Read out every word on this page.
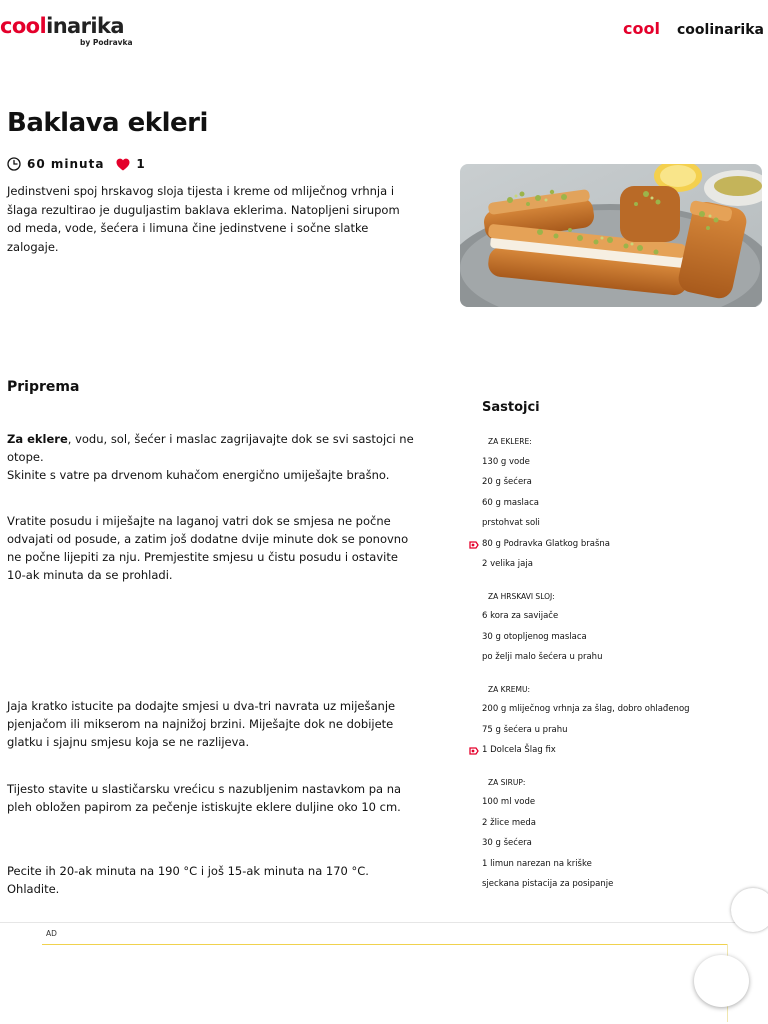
coolinarika
by Podravka
cool coolinarika
Baklava ekleri
60 minuta	1

Jedinstveni spoj hrskavog sloja tijesta i kreme od mliječnog vrhnja i šlaga rezultirao je duguljastim baklava eklerima. Natopljeni sirupom od meda, vode, šećera i limuna čine jedinstvene i sočne slatke zalogaje.

Priprema
Za eklere, vodu, sol, šećer i maslac zagrijavajte dok se svi sastojci ne otope.
Skinite s vatre pa drvenom kuhačom energično umiješajte brašno.
Vratite posudu i miješajte na laganoj vatri dok se smjesa ne počne odvajati od posude, a zatim još dodatne dvije minute dok se ponovno ne počne lijepiti za nju. Premjestite smjesu u čistu posudu i ostavite 10-ak minuta da se prohladi.
Jaja kratko istucite pa dodajte smjesi u dva-tri navrata uz miješanje pjenjačom ili mikserom na najnižoj brzini. Miješajte dok ne dobijete glatku i sjajnu smjesu koja se ne razlijeva.
Tijesto stavite u slastičarsku vrećicu s nazubljenim nastavkom pa na pleh obložen papirom za pečenje istiskujte eklere duljine oko 10 cm.
Pecite ih 20-ak minuta na 190 °C i još 15-ak minuta na 170 °C.
Ohladite.
Sastojci
ZA EKLERE:
130 g vode
20 g šećera
60 g maslaca
prstohvat soli
80 g Podravka Glatkog brašna
2 velika jaja
ZA HRSKAVI SLOJ:
6 kora za savijače
30 g otopljenog maslaca
po želji malo šećera u prahu
ZA KREMU:
200 g mliječnog vrhnja za šlag, dobro ohlađenog
75 g šećera u prahu
1 Dolcela Šlag fix
ZA SIRUP:
100 ml vode
2 žlice meda
30 g šećera
1 limun narezan na kriške
sjeckana pistacija za posipanje
AD
